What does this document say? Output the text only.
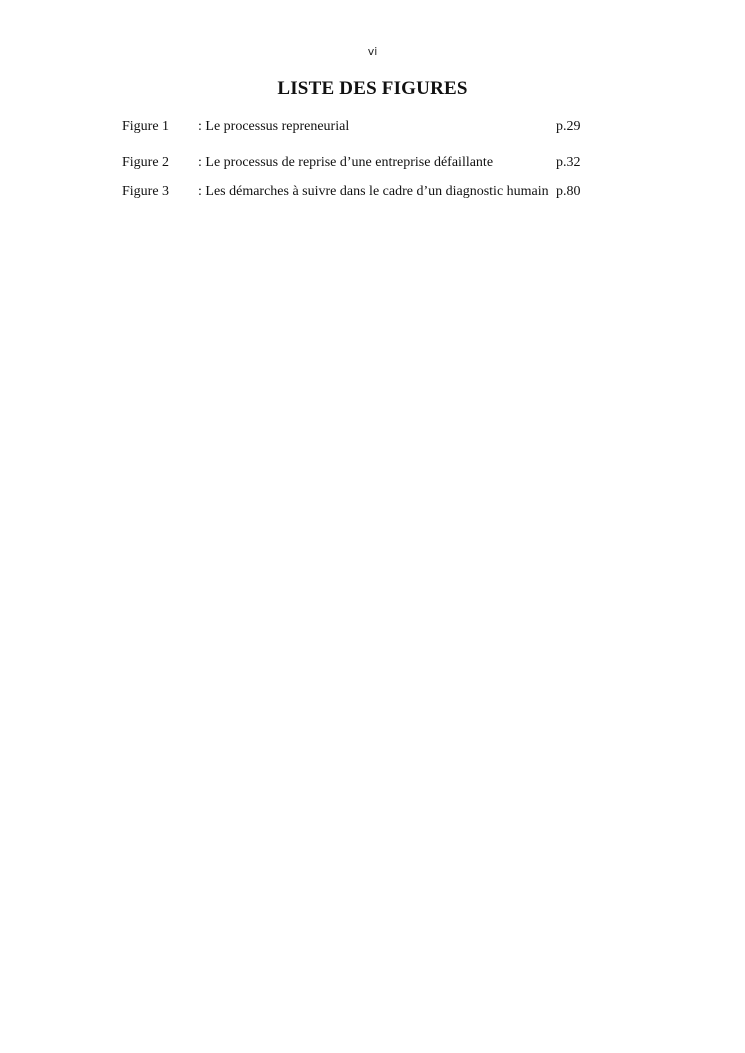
vi
LISTE DES FIGURES
Figure 1	: Le processus repreneurial	p.29
Figure 2	: Le processus de reprise d’une entreprise défaillante	p.32
Figure 3	: Les démarches à suivre dans le cadre d’un diagnostic humain p.80
